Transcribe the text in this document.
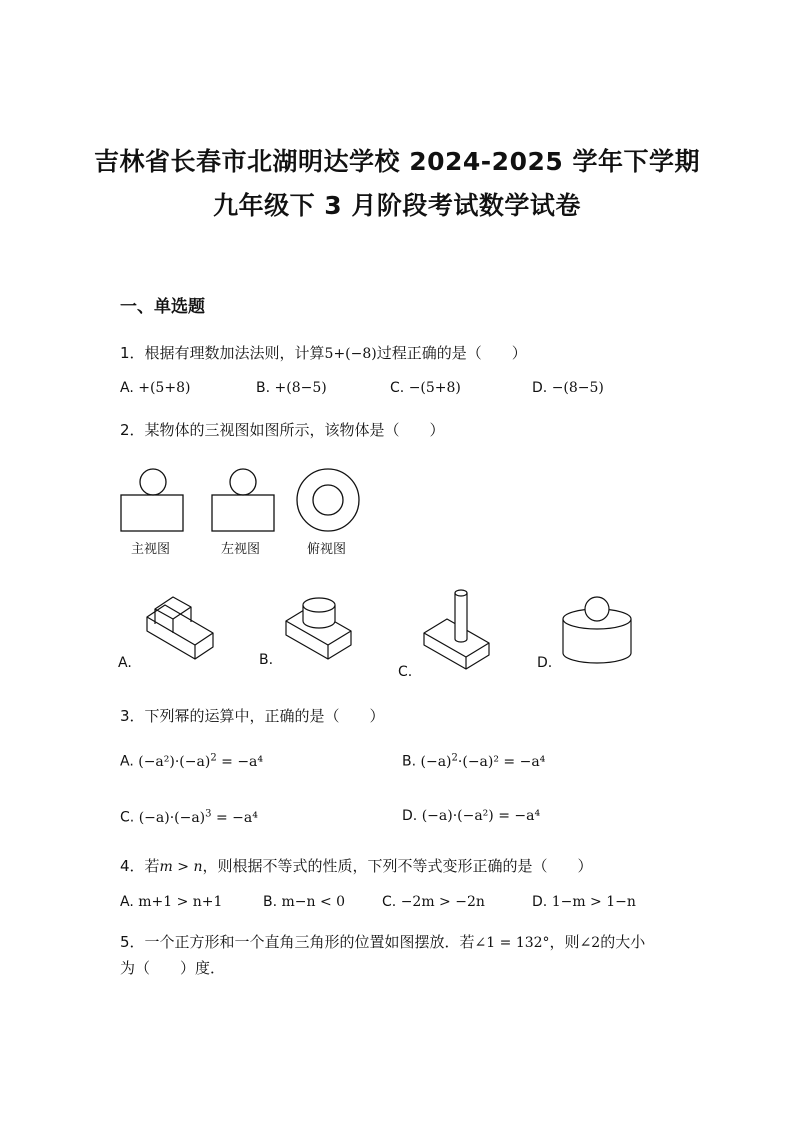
吉林省长春市北湖明达学校 2024-2025 学年下学期
九年级下 3 月阶段考试数学试卷
一、单选题
1．根据有理数加法法则，计算5+(−8)过程正确的是（　　）
A. +(5+8)	B. +(8−5)	C. −(5+8)	D. −(8−5)
2．某物体的三视图如图所示，该物体是（　　）
主视图	左视图	俯视图
A.	B.
C.
D.
3．下列幂的运算中，正确的是（　　）
A. $(-a^2)\cdot(-a)^2 = -a^4$	B. $(-a)^2\cdot(-a)^2 = -a^4$
C. $(-a)\cdot(-a)^3 = -a^4$	D. (−a)·(−a²) = −a⁴
4．若m > n，则根据不等式的性质，下列不等式变形正确的是（　　）
A. m+1 > n+1	B. m−n < 0	C. −2m > −2n	D. 1−m > 1−n
5．一个正方形和一个直角三角形的位置如图摆放．若∠1 = 132°，则∠2的大小
为（　　）度．
